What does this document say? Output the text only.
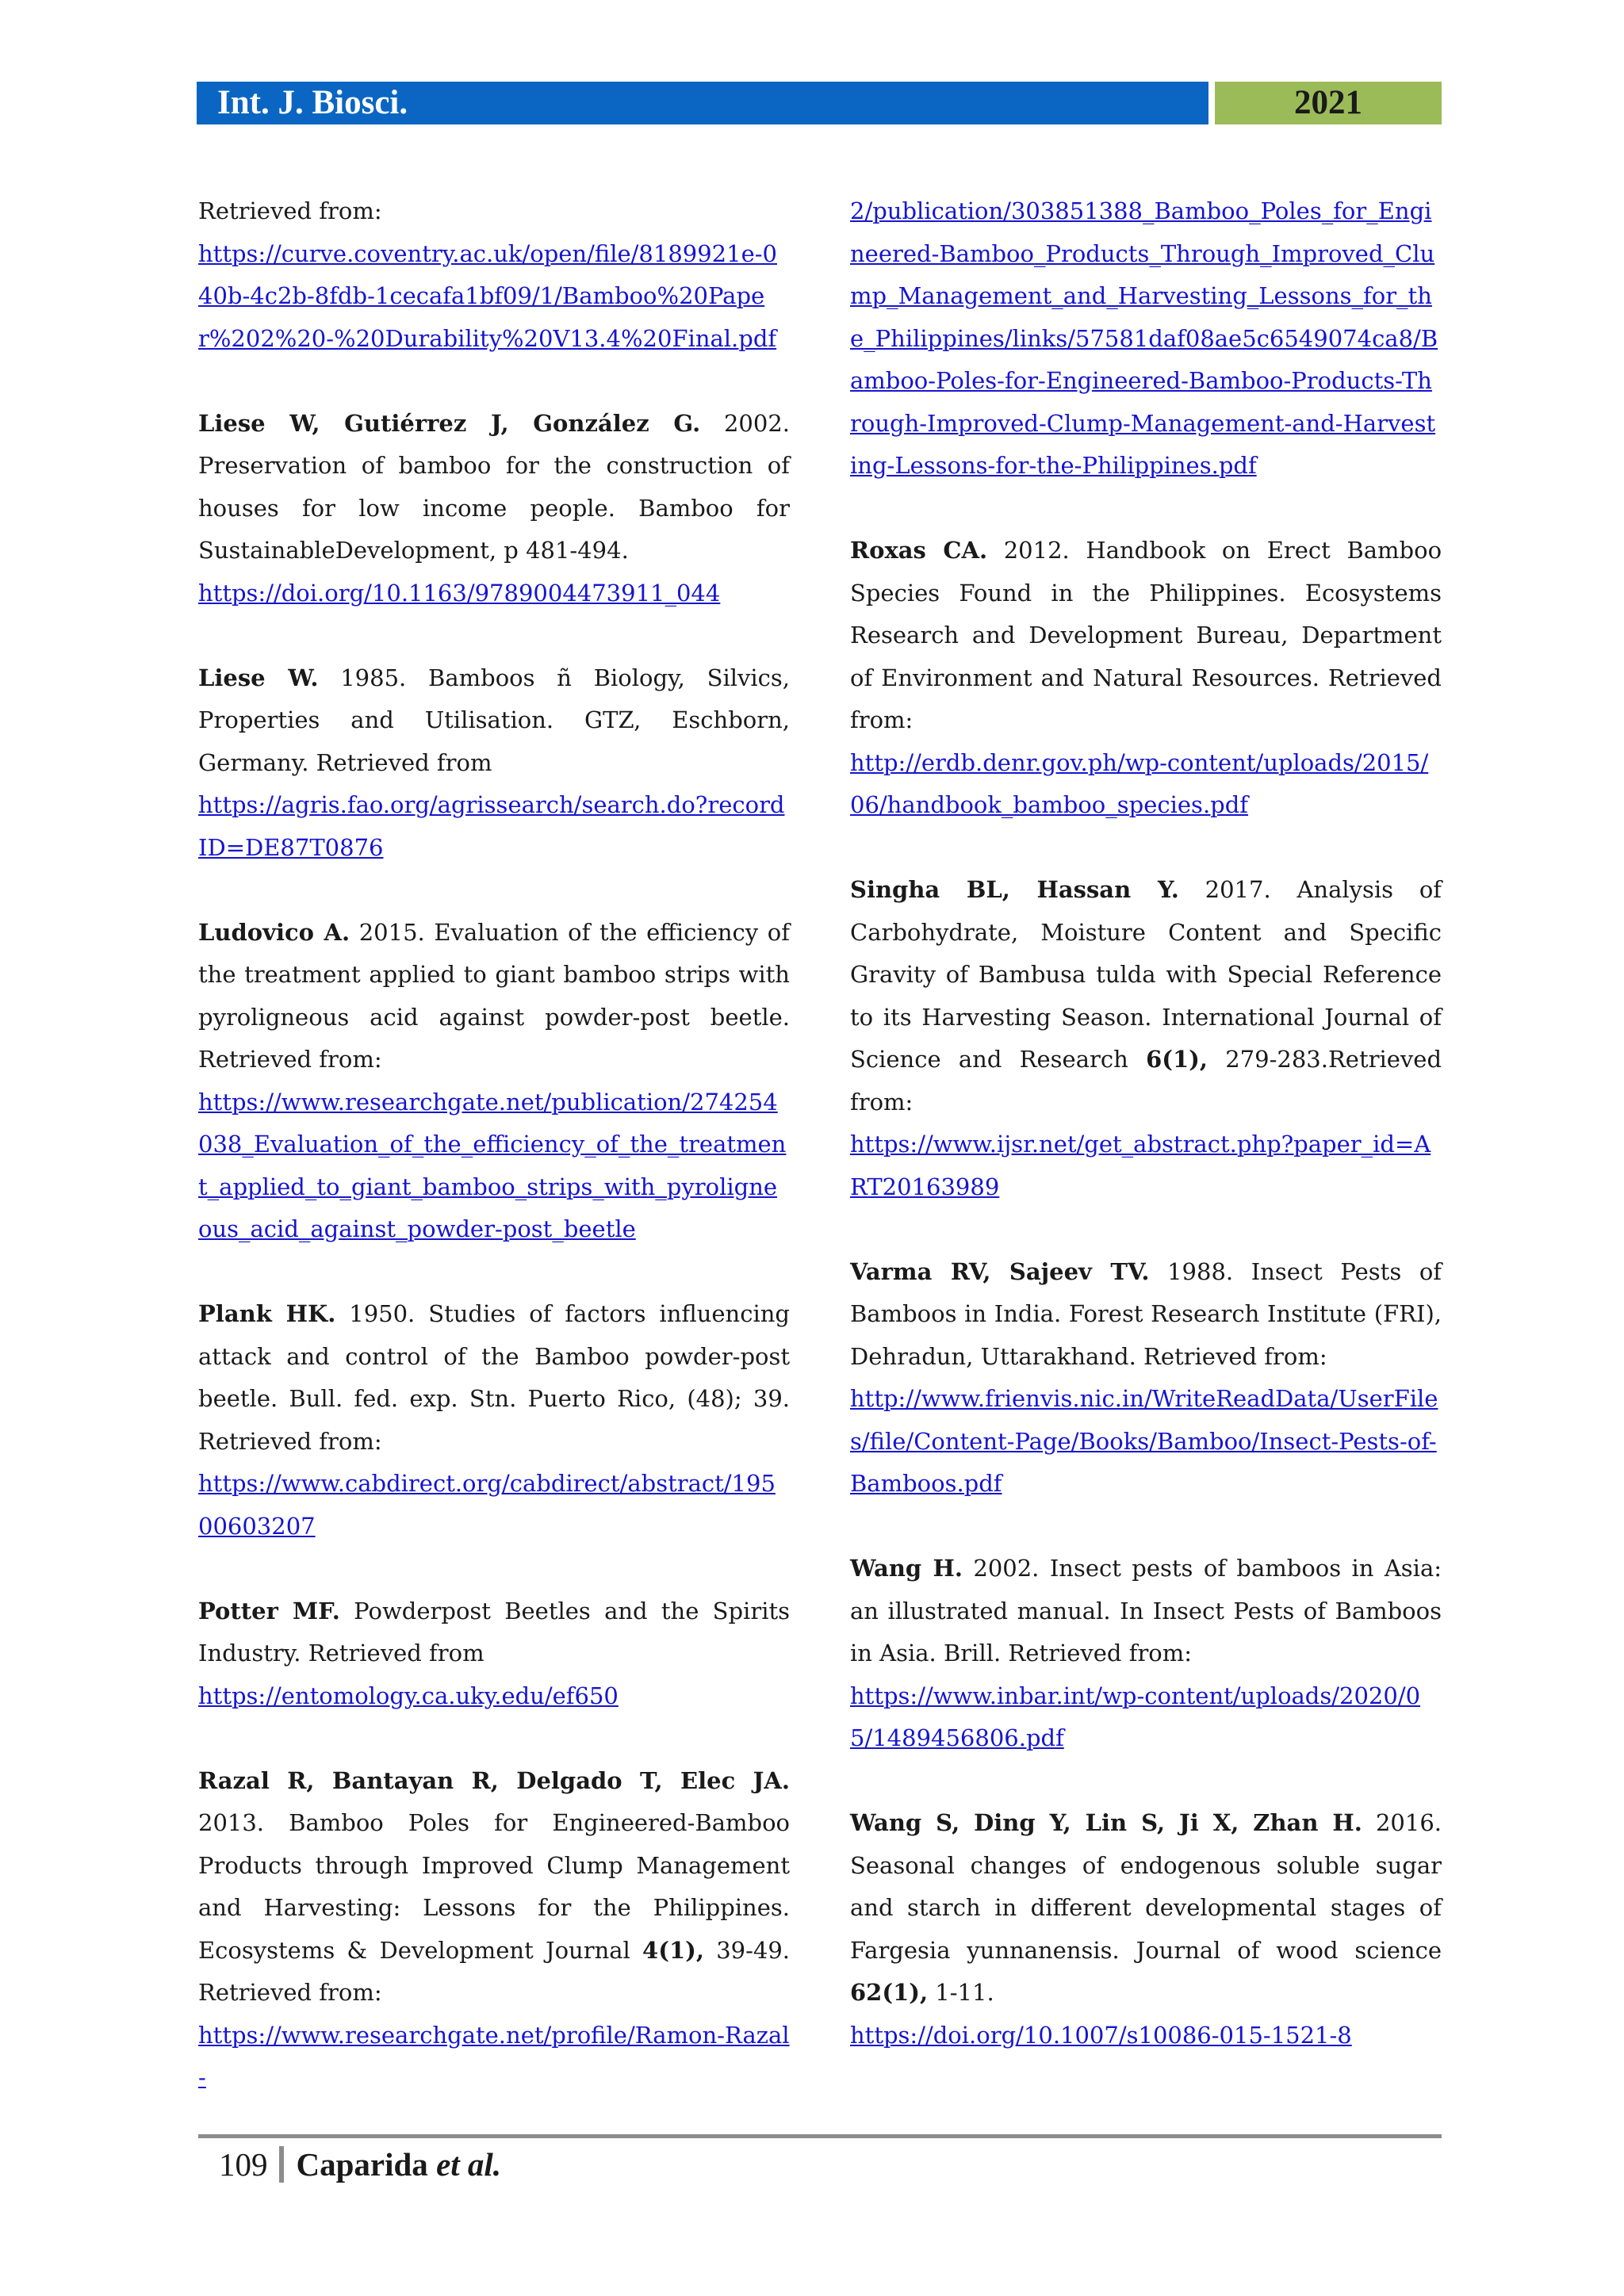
Int. J. Biosci.	2021
Retrieved from:
https://curve.coventry.ac.uk/open/file/8189921e-040b-4c2b-8fdb-1cecafa1bf09/1/Bamboo%20Paper%202%20-%20Durability%20V13.4%20Final.pdf
Liese W, Gutiérrez J, González G. 2002. Preservation of bamboo for the construction of houses for low income people. Bamboo for SustainableDevelopment, p 481-494.
https://doi.org/10.1163/9789004473911_044
Liese W. 1985. Bamboos ñ Biology, Silvics, Properties and Utilisation. GTZ, Eschborn, Germany. Retrieved from
https://agris.fao.org/agrissearch/search.do?recordID=DE87T0876
Ludovico A. 2015. Evaluation of the efficiency of the treatment applied to giant bamboo strips with pyroligneous acid against powder-post beetle. Retrieved from:
https://www.researchgate.net/publication/274254038_Evaluation_of_the_efficiency_of_the_treatment_applied_to_giant_bamboo_strips_with_pyroligneous_acid_against_powder-post_beetle
Plank HK. 1950. Studies of factors influencing attack and control of the Bamboo powder-post beetle. Bull. fed. exp. Stn. Puerto Rico, (48); 39. Retrieved from:
https://www.cabdirect.org/cabdirect/abstract/19500603207
Potter MF. Powderpost Beetles and the Spirits Industry. Retrieved from
https://entomology.ca.uky.edu/ef650
Razal R, Bantayan R, Delgado T, Elec JA. 2013. Bamboo Poles for Engineered-Bamboo Products through Improved Clump Management and Harvesting: Lessons for the Philippines. Ecosystems & Development Journal 4(1), 39-49. Retrieved from:
https://www.researchgate.net/profile/Ramon-Razal-
2/publication/303851388_Bamboo_Poles_for_Engineered-Bamboo_Products_Through_Improved_Clump_Management_and_Harvesting_Lessons_for_the_Philippines/links/57581daf08ae5c6549074ca8/Bamboo-Poles-for-Engineered-Bamboo-Products-Through-Improved-Clump-Management-and-Harvesting-Lessons-for-the-Philippines.pdf
Roxas CA. 2012. Handbook on Erect Bamboo Species Found in the Philippines. Ecosystems Research and Development Bureau, Department of Environment and Natural Resources. Retrieved from:
http://erdb.denr.gov.ph/wp-content/uploads/2015/06/handbook_bamboo_species.pdf
Singha BL, Hassan Y. 2017. Analysis of Carbohydrate, Moisture Content and Specific Gravity of Bambusa tulda with Special Reference to its Harvesting Season. International Journal of Science and Research 6(1), 279-283.Retrieved from:
https://www.ijsr.net/get_abstract.php?paper_id=ART20163989
Varma RV, Sajeev TV. 1988. Insect Pests of Bamboos in India. Forest Research Institute (FRI), Dehradun, Uttarakhand. Retrieved from:
http://www.frienvis.nic.in/WriteReadData/UserFiles/file/Content-Page/Books/Bamboo/Insect-Pests-of-Bamboos.pdf
Wang H. 2002. Insect pests of bamboos in Asia: an illustrated manual. In Insect Pests of Bamboos in Asia. Brill. Retrieved from:
https://www.inbar.int/wp-content/uploads/2020/05/1489456806.pdf
Wang S, Ding Y, Lin S, Ji X, Zhan H. 2016. Seasonal changes of endogenous soluble sugar and starch in different developmental stages of Fargesia yunnanensis. Journal of wood science 62(1), 1-11.
https://doi.org/10.1007/s10086-015-1521-8
109 Caparida et al.
